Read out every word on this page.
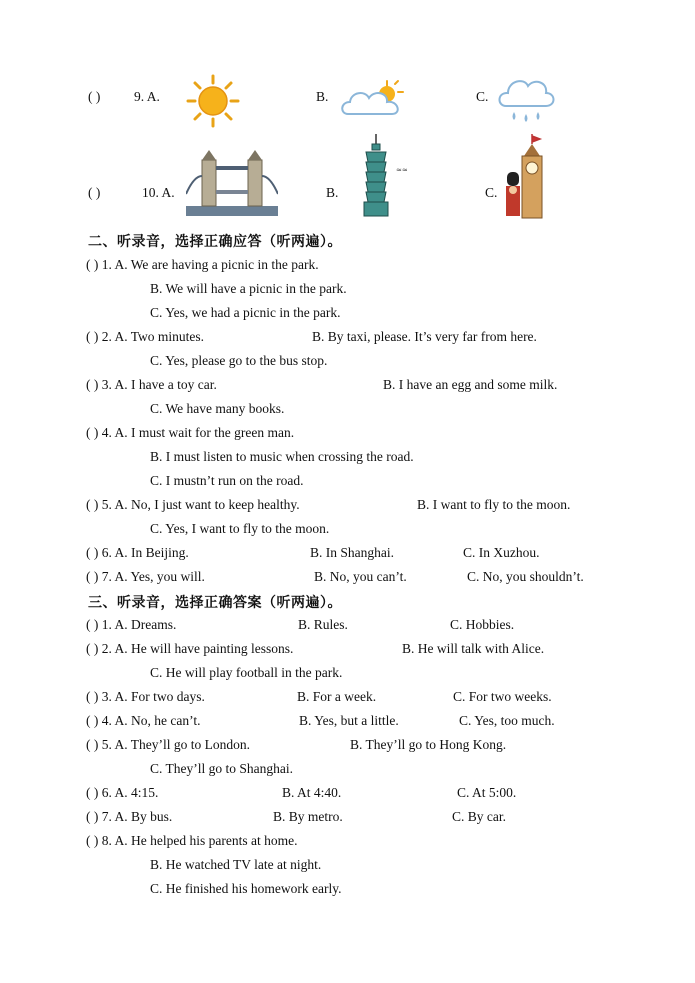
( ) 9. A.	B.	C.
( )	10. A.	B.
≈≈
C.
二、听录音，选择正确应答（听两遍）。
( ) 1. A. We are having a picnic in the park.
B. We will have a picnic in the park.
C. Yes, we had a picnic in the park.
( ) 2. A. Two minutes.	B. By taxi, please. It’s very far from here.
C. Yes, please go to the bus stop.
( ) 3. A. I have a toy car.	B. I have an egg and some milk.
C. We have many books.
( ) 4. A. I must wait for the green man.
B. I must listen to music when crossing the road.
C. I mustn’t run on the road.
( ) 5. A. No, I just want to keep healthy.	B. I want to fly to the moon.
C. Yes, I want to fly to the moon.
( ) 6. A. In Beijing.	B. In Shanghai.	C. In Xuzhou.
( ) 7. A. Yes, you will.	B. No, you can’t.	C. No, you shouldn’t.
三、听录音，选择正确答案（听两遍）。
( ) 1. A. Dreams.	B. Rules.	C. Hobbies.
( ) 2. A. He will have painting lessons.	B. He will talk with Alice.
C. He will play football in the park.
( ) 3. A. For two days.	B. For a week.	C. For two weeks.
( ) 4. A. No, he can’t.	B. Yes, but a little.	C. Yes, too much.
( ) 5. A. They’ll go to London.	B. They’ll go to Hong Kong.
C. They’ll go to Shanghai.
( ) 6. A. 4:15.	B. At 4:40.	C. At 5:00.
( ) 7. A. By bus.	B. By metro.	C. By car.
( ) 8. A. He helped his parents at home.
B. He watched TV late at night.
C. He finished his homework early.
